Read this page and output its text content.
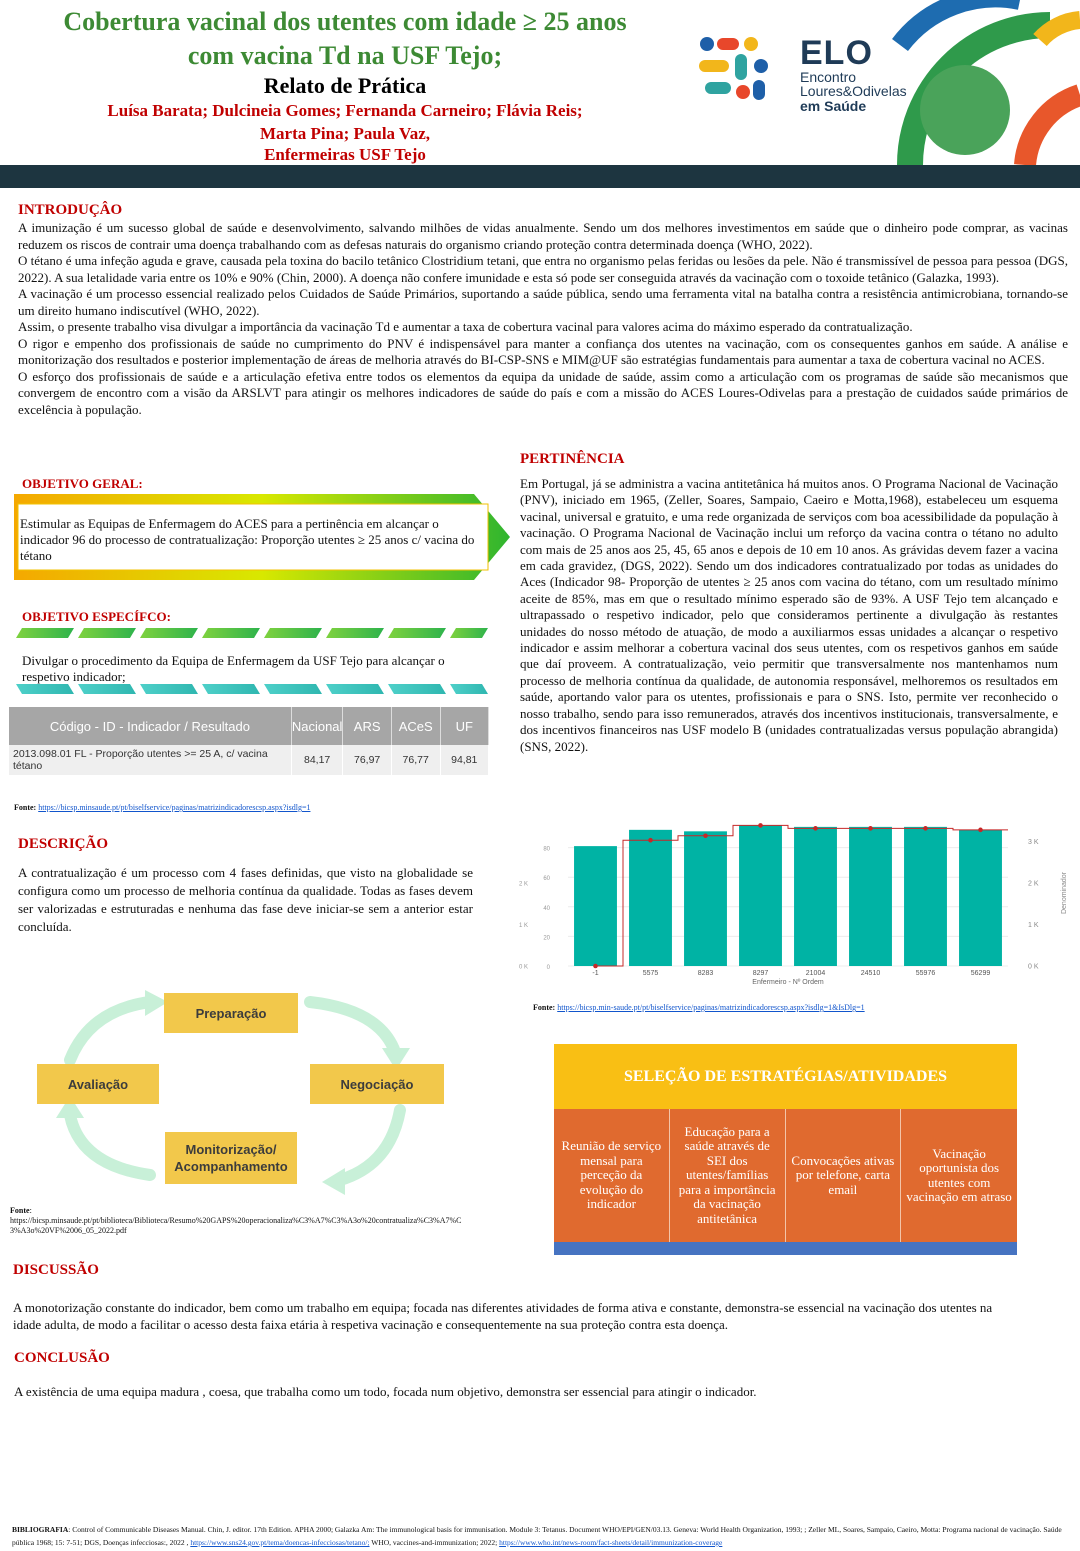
Cobertura vacinal dos utentes com idade ≥ 25 anos
com vacina Td na USF Tejo;
Relato de Prática
Luísa Barata; Dulcineia Gomes; Fernanda Carneiro; Flávia Reis;
Marta Pina; Paula Vaz,
Enfermeiras USF Tejo
ELO
Encontro
Loures&Odivelas
em Saúde
INTRODUÇÂO

A imunização é um sucesso global de saúde e desenvolvimento, salvando milhões de vidas anualmente. Sendo um dos melhores investimentos em saúde que o dinheiro pode comprar, as vacinas reduzem os riscos de contrair uma doença trabalhando com as defesas naturais do organismo criando proteção contra determinada doença (WHO, 2022).

O tétano é uma infeção aguda e grave, causada pela toxina do bacilo tetânico Clostridium tetani, que entra no organismo pelas feridas ou lesões da pele. Não é transmissível de pessoa para pessoa (DGS, 2022). A sua letalidade varia entre os 10% e 90% (Chin, 2000). A doença não confere imunidade e esta só pode ser conseguida através da vacinação com o toxoide tetânico (Galazka, 1993).

A vacinação é um processo essencial realizado pelos Cuidados de Saúde Primários, suportando a saúde pública, sendo uma ferramenta vital na batalha contra a resistência antimicrobiana, tornando-se um direito humano indiscutível (WHO, 2022).

Assim, o presente trabalho visa divulgar a importância da vacinação Td e aumentar a taxa de cobertura vacinal para valores acima do máximo esperado da contratualização.

O rigor e empenho dos profissionais de saúde no cumprimento do PNV é indispensável para manter a confiança dos utentes na vacinação, com os consequentes ganhos em saúde. A análise e monitorização dos resultados e posterior implementação de áreas de melhoria através do BI-CSP-SNS e MIM@UF são estratégias fundamentais para aumentar a taxa de cobertura vacinal no ACES.

O esforço dos profissionais de saúde e a articulação efetiva entre todos os elementos da equipa da unidade de saúde, assim como a articulação com os programas de saúde são mecanismos que convergem de encontro com a visão da ARSLVT para atingir os melhores indicadores de saúde do país e com a missão do ACES Loures-Odivelas para a prestação de cuidados saúde primários de excelência à população.

OBJETIVO GERAL:
Estimular as Equipas de Enfermagem do ACES para a pertinência em alcançar o indicador 96 do processo de contratualização: Proporção utentes ≥ 25 anos c/ vacina do tétano
OBJETIVO ESPECÍFCO:
Divulgar o procedimento da Equipa de Enfermagem da USF Tejo para alcançar o respetivo indicador;
PERTINÊNCIA
Em Portugal, já se administra a vacina antitetânica há muitos anos. O Programa Nacional de Vacinação (PNV), iniciado em 1965, (Zeller, Soares, Sampaio, Caeiro e Motta,1968), estabeleceu um esquema vacinal, universal e gratuito, e uma rede organizada de serviços com boa acessibilidade da população à vacinação. O Programa Nacional de Vacinação inclui um reforço da vacina contra o tétano no adulto com mais de 25 anos aos 25, 45, 65 anos e depois de 10 em 10 anos. As grávidas devem fazer a vacina em cada gravidez, (DGS, 2022). Sendo um dos indicadores contratualizado por todas as unidades do Aces (Indicador 98- Proporção de utentes ≥ 25 anos com vacina do tétano, com um resultado mínimo aceite de 85%, mas em que o resultado mínimo esperado são de 93%. A USF Tejo tem alcançado e ultrapassado o respetivo indicador, pelo que consideramos pertinente a divulgação às restantes unidades do nosso método de atuação, de modo a auxiliarmos essas unidades a alcançar o respetivo indicador e assim melhorar a cobertura vacinal dos seus utentes, com os respetivos ganhos em saúde que daí proveem. A contratualização, veio permitir que transversalmente nos mantenhamos num processo de melhoria contínua da qualidade, de autonomia responsável, melhoremos os resultados em saúde, aportando valor para os utentes, profissionais e para o SNS. Isto, permite ver reconhecido o nosso trabalho, sendo para isso remunerados, através dos incentivos institucionais, transversalmente, e dos incentivos financeiros nas USF modelo B (unidades contratualizadas versus população abrangida) (SNS, 2022).
Código - ID - Indicador / Resultado	Nacional	ARS	ACeS	UF
2013.098.01 FL - Proporção utentes >= 25 A, c/ vacina tétano	84,17	76,97	76,77	94,81
Fonte: https://bicsp.minsaude.pt/pt/biselfservice/paginas/matrizindicadorescsp.aspx?isdlg=1
DESCRIÇÃO
A contratualização é um processo com 4 fases definidas, que visto na globalidade se configura como um processo de melhoria contínua da qualidade. Todas as fases devem ser valorizadas e estruturadas e nenhuma das fase deve iniciar-se sem a anterior estar concluída.
0
20
40
60
80
0 K
1 K
2 K
0 K
1 K
2 K
3 K
Denominador
-1	5575	8283	8297	21004	24510	55976	56299
Enfermeiro - Nº Ordem
Fonte: https://bicsp.min-saude.pt/pt/biselfservice/paginas/matrizindicadorescsp.aspx?isdlg=1&IsDlg=1
Preparação
Negociação
Avaliação
Monitorização/
Acompanhamento
Fonte:
https://bicsp.minsaude.pt/pt/biblioteca/Biblioteca/Resumo%20GAPS%20operacionaliza%C3%A7%C3%A3o%20contratualiza%C3%A7%C3%A3o%20VF%2006_05_2022.pdf
SELEÇÃO DE ESTRATÉGIAS/ATIVIDADES
Reunião de serviço mensal para perceção da evolução do indicador
Educação para a saúde através de SEI dos utentes/famílias para a importância da vacinação antitetânica
Convocações ativas por telefone, carta email
Vacinação oportunista dos utentes com vacinação em atraso
DISCUSSÃO
A monotorização constante do indicador, bem como um trabalho em equipa; focada nas diferentes atividades de forma ativa e constante, demonstra-se essencial na vacinação dos utentes na idade adulta, de modo a facilitar o acesso desta faixa etária à respetiva vacinação e consequentemente na sua proteção contra esta doença.
CONCLUSÃO
A existência de uma equipa madura , coesa, que trabalha como um todo, focada num objetivo, demonstra ser essencial para atingir o indicador.
BIBLIOGRAFIA: Control of Communicable Diseases Manual. Chin, J. editor. 17th Edition. APHA 2000; Galazka Am: The immunological basis for immunisation. Module 3: Tetanus. Document WHO/EPI/GEN/03.13. Geneva: World Health Organization, 1993; ; Zeller ML, Soares, Sampaio, Caeiro, Motta: Programa nacional de vacinação. Saúde pública 1968; 15: 7-51; DGS, Doenças infecciosas:, 2022 , https://www.sns24.gov.pt/tema/doencas-infecciosas/tetano/; WHO, vaccines-and-immunization; 2022; https://www.who.int/news-room/fact-sheets/detail/immunization-coverage
